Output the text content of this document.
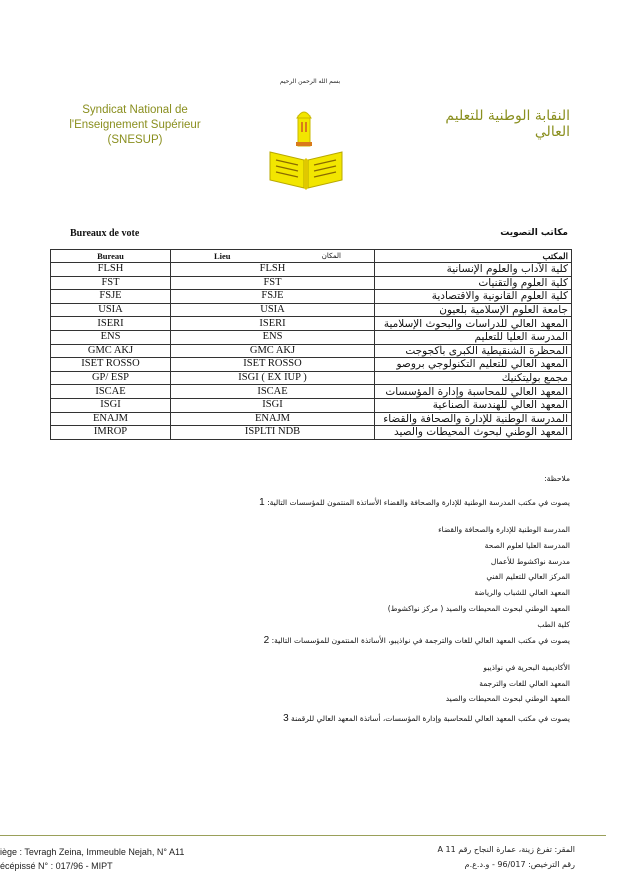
بسم الله الرحمن الرحيم
Syndicat National de
l'Enseignement Supérieur
(SNESUP)
النقابة الوطنية للتعليم العالي
Bureaux de vote	مكاتب التصويت
Bureau	Lieu المكان	المكتب
FLSH	FLSH	كلية الآداب والعلوم الإنسانية
FST	FST	كلية العلوم والتقنيات
FSJE	FSJE	كلية العلوم القانونية والاقتصادية
USIA	USIA	جامعة العلوم الإسلامية بلعيون
ISERI	ISERI	المعهد العالي للدراسات والبحوث الإسلامية
ENS	ENS	المدرسة العليا للتعليم
GMC AKJ	GMC AKJ	المحظرة الشنقيطية الكبرى بأكجوجت
ISET ROSSO	ISET ROSSO	المعهد العالي للتعليم التكنولوجي بروصو
GP/ ESP	ISGI ( EX IUP )	مجمع بوليتكنيك
ISCAE	ISCAE	المعهد العالي للمحاسبة وإدارة المؤسسات
ISGI	ISGI	المعهد العالي للهندسة الصناعية
ENAJM	ENAJM	المدرسة الوطنية للإدارة والصحافة والقضاء
IMROP	ISPLTI NDB	المعهد الوطني لبحوث المحيطات والصيد
ملاحظة:
يصوت في مكتب المدرسة الوطنية للإدارة والصحافة والقضاء الأساتذة المنتمون للمؤسسات التالية: 1
المدرسة الوطنية للإدارة والصحافة والقضاء
المدرسة العليا لعلوم الصحة
مدرسة نواكشوط للأعمال
المركز العالي للتعليم الفني
المعهد العالي للشباب والرياضة
المعهد الوطني لبحوث المحيطات والصيد ( مركز نواكشوط)
كلية الطب
يصوت في مكتب المعهد العالي للغات والترجمة في نواذيبو، الأساتذة المنتمون للمؤسسات التالية: 2
الأكاديمية البحرية في نواذيبو
المعهد العالي للغات والترجمة
المعهد الوطني لبحوث المحيطات والصيد
يصوت في مكتب المعهد العالي للمحاسبة وإدارة المؤسسات، أساتذة المعهد العالي للرقمنة 3
iège : Tevragh Zeina, Immeuble Nejah, N° A11
écépissé N° : 017/96 - MIPT
المقر: تفرغ زينة، عمارة النجاح رقم A 11
رقم الترخيص: 96/017 - و.د.ع.م
